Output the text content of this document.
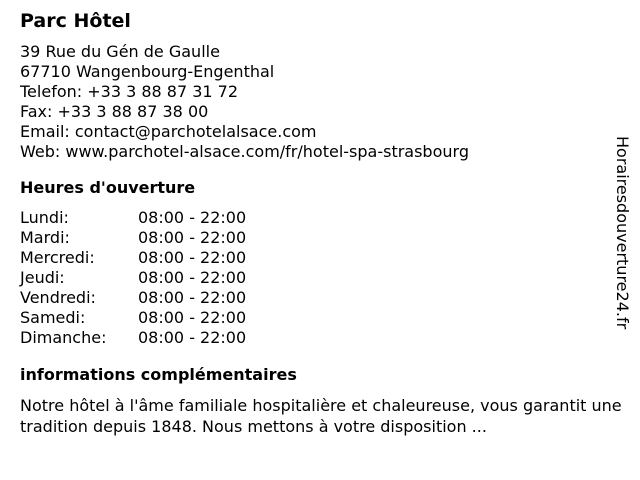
Parc Hôtel
39 Rue du Gén de Gaulle
67710 Wangenbourg-Engenthal
Telefon: +33 3 88 87 31 72
Fax: +33 3 88 87 38 00
Email: contact@parchotelalsace.com
Web: www.parchotel-alsace.com/fr/hotel-spa-strasbourg
Heures d'ouverture
Lundi:	08:00 - 22:00
Mardi:	08:00 - 22:00
Mercredi:	08:00 - 22:00
Jeudi:	08:00 - 22:00
Vendredi:	08:00 - 22:00
Samedi:	08:00 - 22:00
Dimanche:	08:00 - 22:00
informations complémentaires
Notre hôtel à l'âme familiale hospitalière et chaleureuse, vous garantit une tradition depuis 1848. Nous mettons à votre disposition ...
Horairesdouverture24.fr
